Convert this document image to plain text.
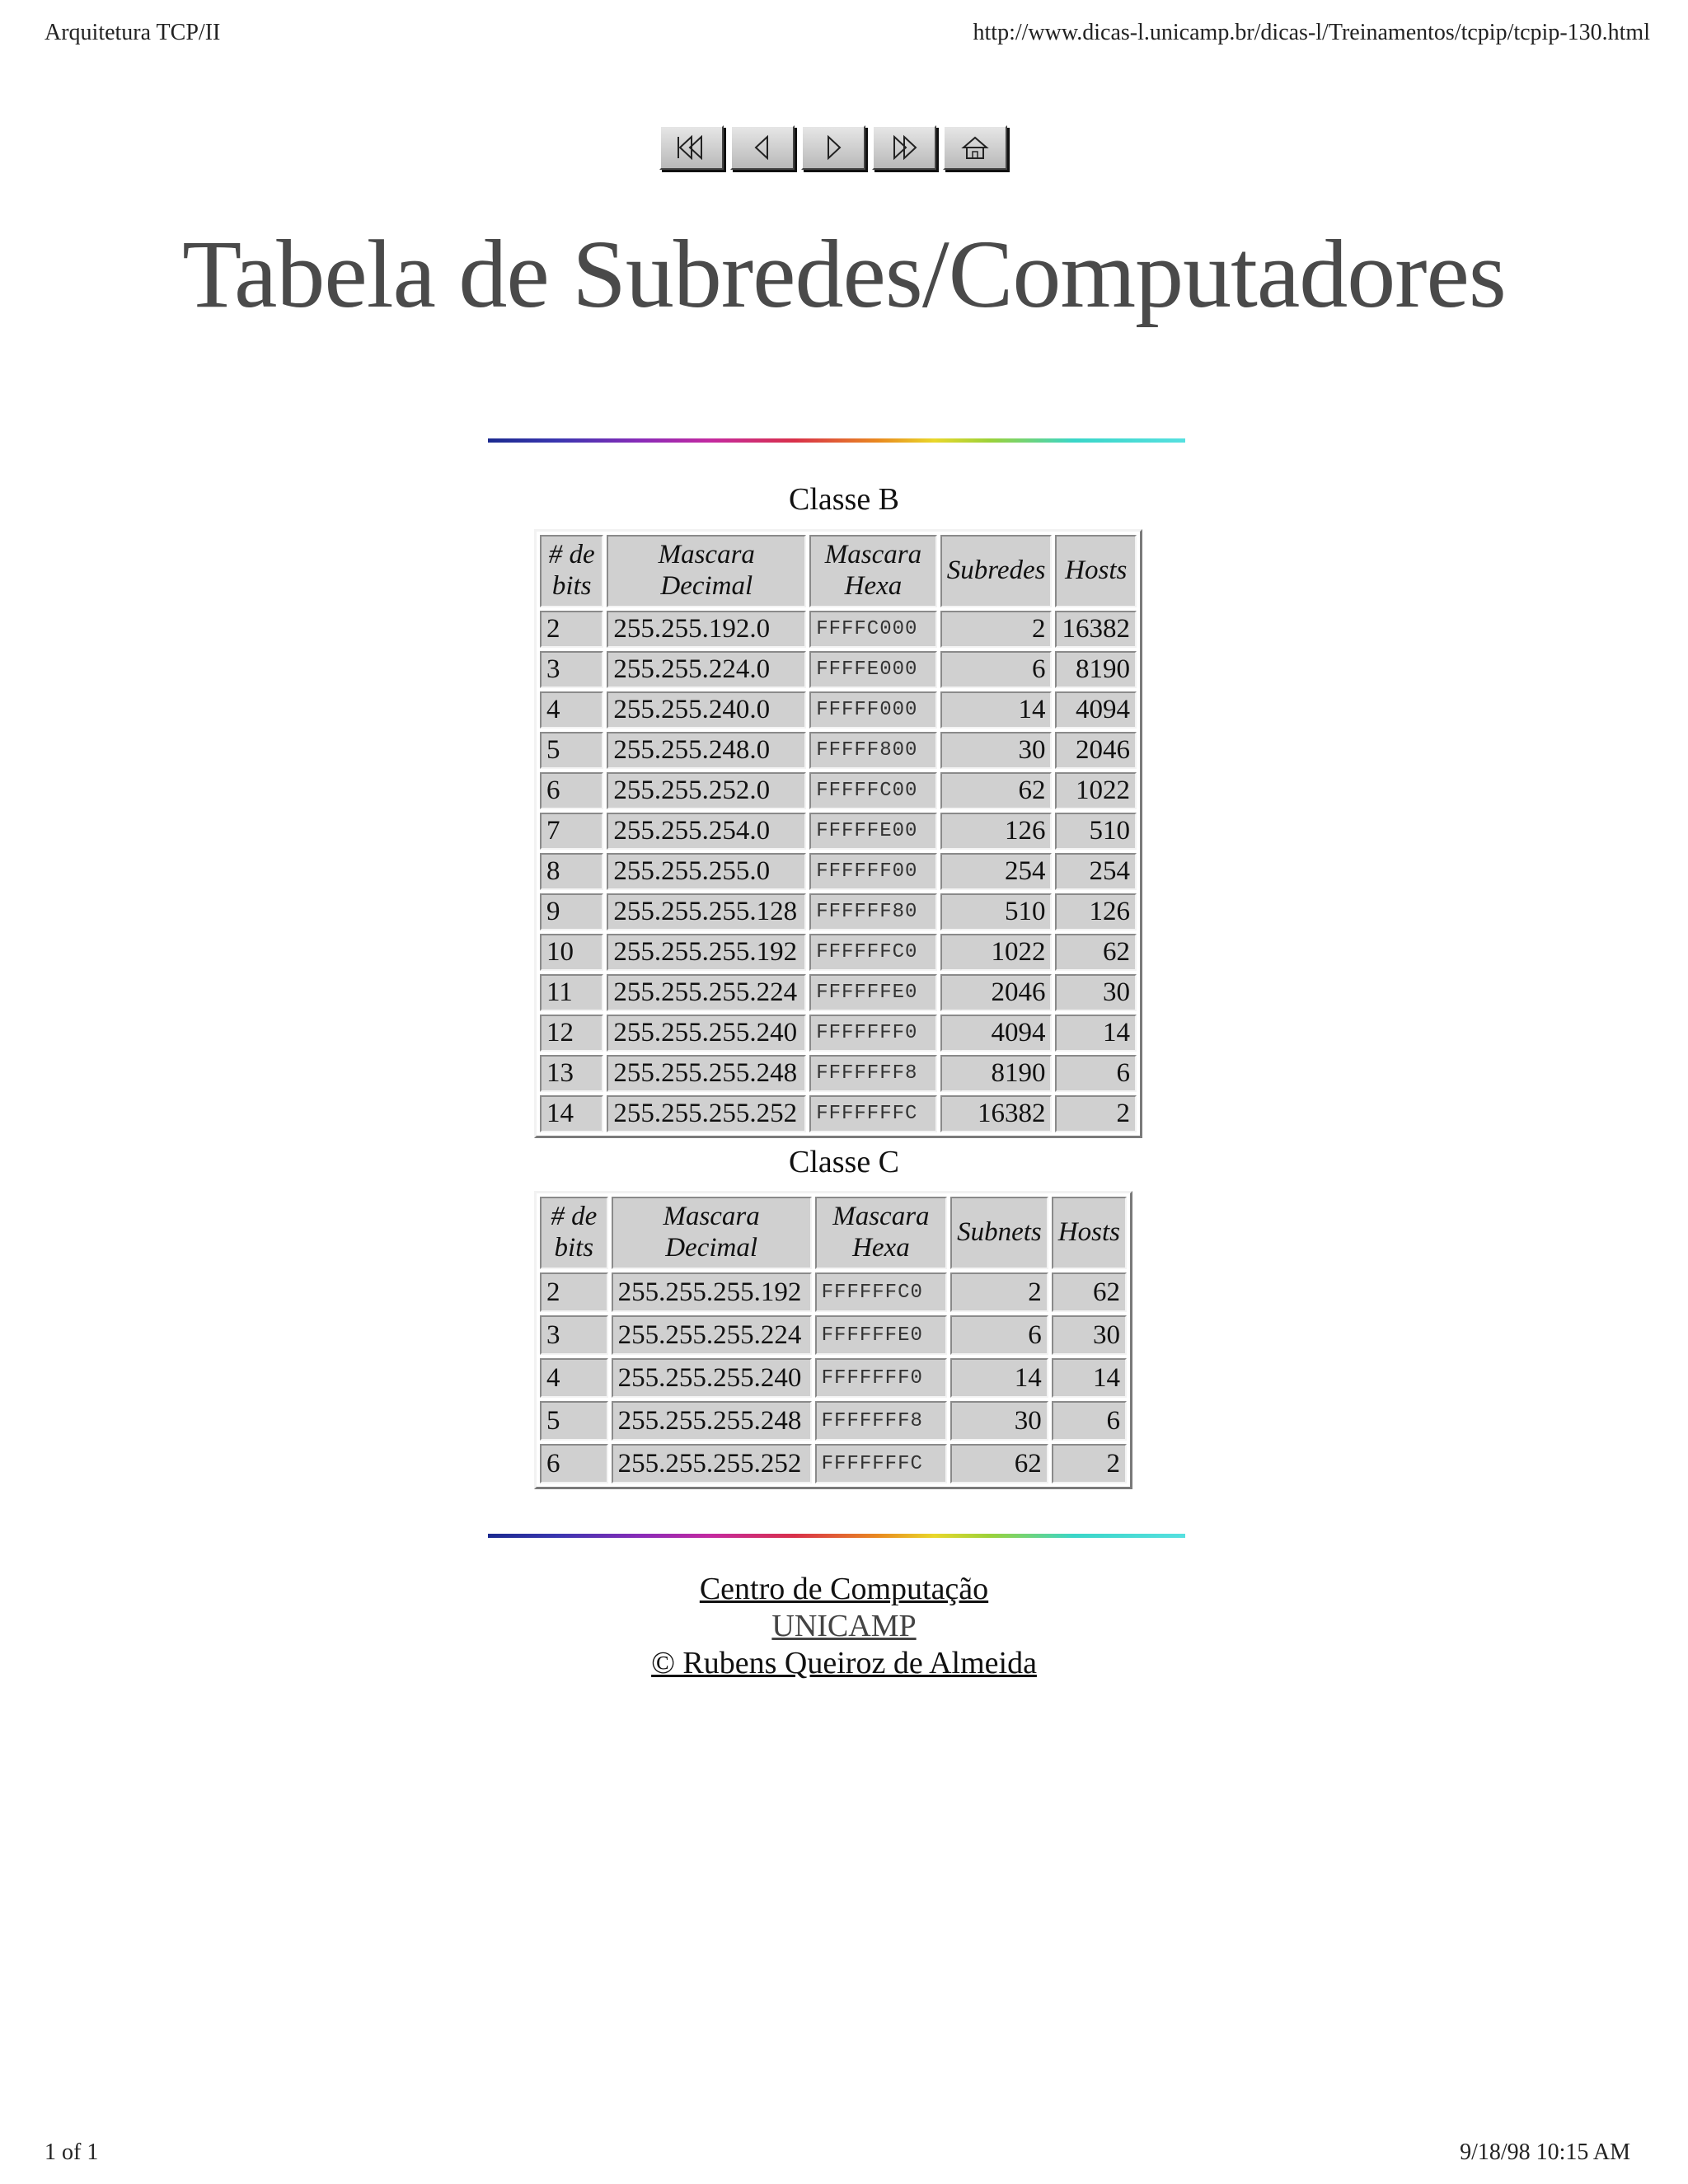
Arquitetura TCP/II	http://www.dicas-l.unicamp.br/dicas-l/Treinamentos/tcpip/tcpip-130.html
Tabela de Subredes/Computadores
Classe B
# de bits	Mascara Decimal	Mascara Hexa	Subredes	Hosts
2	255.255.192.0	FFFFC000	2	16382
3	255.255.224.0	FFFFE000	6	8190
4	255.255.240.0	FFFFF000	14	4094
5	255.255.248.0	FFFFF800	30	2046
6	255.255.252.0	FFFFFC00	62	1022
7	255.255.254.0	FFFFFE00	126	510
8	255.255.255.0	FFFFFF00	254	254
9	255.255.255.128	FFFFFF80	510	126
10	255.255.255.192	FFFFFFC0	1022	62
11	255.255.255.224	FFFFFFE0	2046	30
12	255.255.255.240	FFFFFFF0	4094	14
13	255.255.255.248	FFFFFFF8	8190	6
14	255.255.255.252	FFFFFFFC	16382	2
Classe C
# de bits	Mascara Decimal	Mascara Hexa	Subnets	Hosts
2	255.255.255.192	FFFFFFC0	2	62
3	255.255.255.224	FFFFFFE0	6	30
4	255.255.255.240	FFFFFFF0	14	14
5	255.255.255.248	FFFFFFF8	30	6
6	255.255.255.252	FFFFFFFC	62	2
Centro de Computação
UNICAMP
© Rubens Queiroz de Almeida
1 of 1	9/18/98 10:15 AM
